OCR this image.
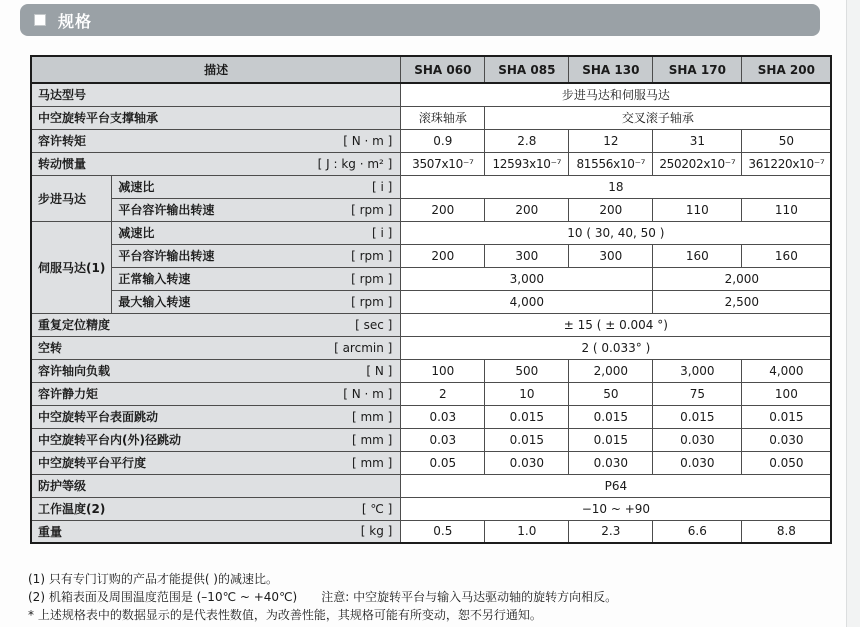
规格
描述		SHA 060	SHA 085	SHA 130	SHA 170	SHA 200
马达型号		步进马达和伺服马达				
中空旋转平台支撑轴承		滚珠轴承	交叉滚子轴承			

容许转矩 [ N · m ]		0.9	2.8	12	31	50

转动惯量 [ J : kg · m² ]		3507x10⁻⁷	12593x10⁻⁷	81556x10⁻⁷	250202x10⁻⁷	361220x10⁻⁷
步进马达	减速比 [ i ]	18				

	平台容许输出转速 [ rpm ]	200	200	200	110	110
伺服马达(1)	减速比 [ i ]	10 ( 30, 40, 50 )				

	平台容许输出转速 [ rpm ]	200	300	300	160	160

	正常输入转速 [ rpm ]	3,000			2,000	

	最大输入转速 [ rpm ]	4,000			2,500	

重复定位精度 [ sec ]		± 15 ( ± 0.004 °)				

空转 [ arcmin ]		2 ( 0.033° )				

容许轴向负载 [ N ]		100	500	2,000	3,000	4,000

容许静力矩 [ N · m ]		2	10	50	75	100

中空旋转平台表面跳动 [ mm ]		0.03	0.015	0.015	0.015	0.015

中空旋转平台内(外)径跳动 [ mm ]		0.03	0.015	0.015	0.030	0.030

中空旋转平台平行度 [ mm ]		0.05	0.030	0.030	0.030	0.050
防护等级		P64				

工作温度(2) [ ℃ ]		−10 ~ +90				

重量 [ kg ]		0.5	1.0	2.3	6.6	8.8
(1) 只有专门订购的产品才能提供( )的减速比。
(2) 机箱表面及周围温度范围是 (–10℃ ~ +40℃)　　注意: 中空旋转平台与输入马达驱动轴的旋转方向相反。
* 上述规格表中的数据显示的是代表性数值，为改善性能，其规格可能有所变动，恕不另行通知。
